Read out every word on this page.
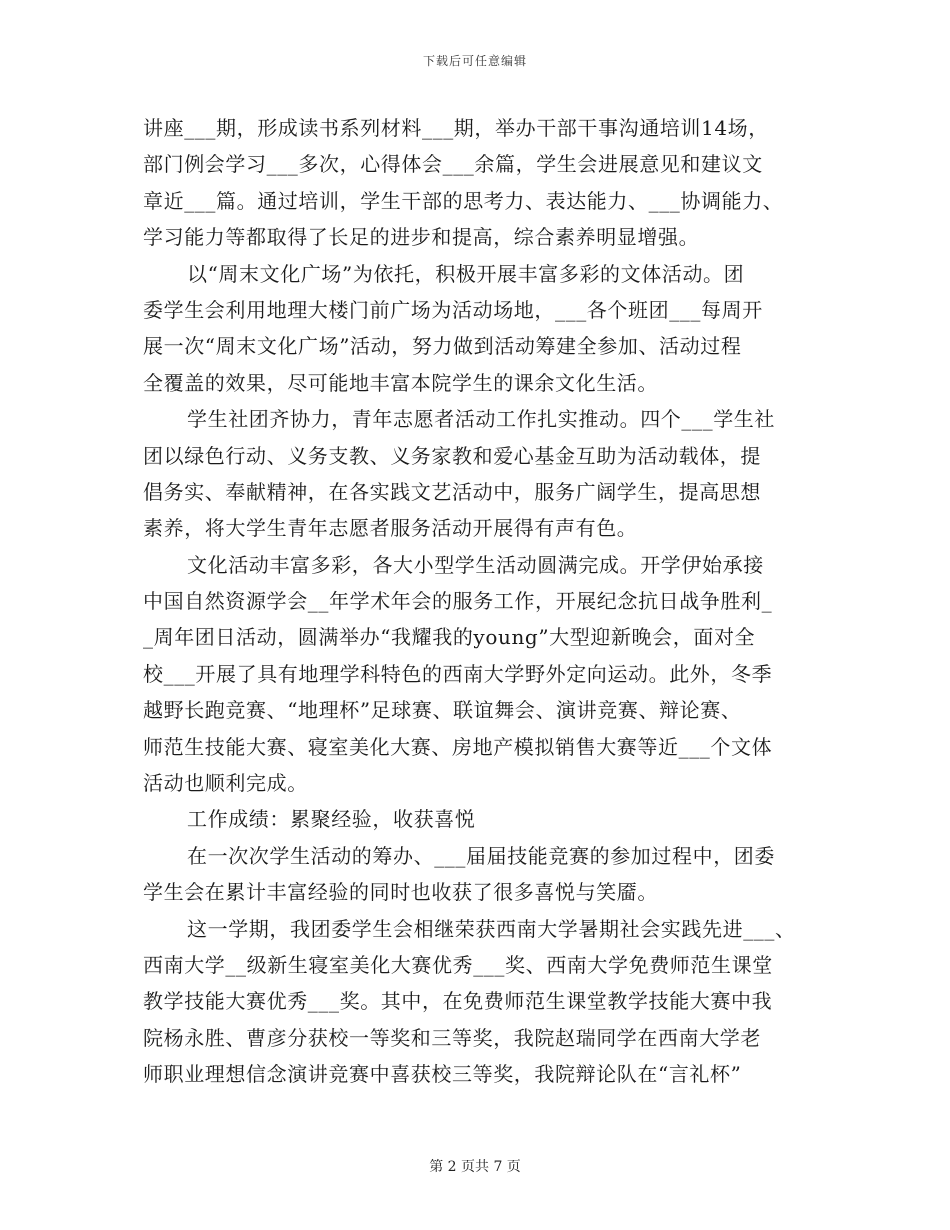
下载后可任意编辑
讲座___期，形成读书系列材料___期，举办干部干事沟通培训14场，
部门例会学习___多次，心得体会___余篇，学生会进展意见和建议文
章近___篇。通过培训，学生干部的思考力、表达能力、___协调能力、
学习能力等都取得了长足的进步和提高，综合素养明显增强。
以“周末文化广场”为依托，积极开展丰富多彩的文体活动。团
委学生会利用地理大楼门前广场为活动场地，___各个班团___每周开
展一次“周末文化广场”活动，努力做到活动筹建全参加、活动过程
全覆盖的效果，尽可能地丰富本院学生的课余文化生活。
学生社团齐协力，青年志愿者活动工作扎实推动。四个___学生社
团以绿色行动、义务支教、义务家教和爱心基金互助为活动载体，提
倡务实、奉献精神，在各实践文艺活动中，服务广阔学生，提高思想
素养，将大学生青年志愿者服务活动开展得有声有色。
文化活动丰富多彩，各大小型学生活动圆满完成。开学伊始承接
中国自然资源学会__年学术年会的服务工作，开展纪念抗日战争胜利_
_周年团日活动，圆满举办“我耀我的young”大型迎新晚会，面对全
校___开展了具有地理学科特色的西南大学野外定向运动。此外，冬季
越野长跑竞赛、“地理杯”足球赛、联谊舞会、演讲竞赛、辩论赛、
师范生技能大赛、寝室美化大赛、房地产模拟销售大赛等近___个文体
活动也顺利完成。
工作成绩：累聚经验，收获喜悦
在一次次学生活动的筹办、___届届技能竞赛的参加过程中，团委
学生会在累计丰富经验的同时也收获了很多喜悦与笑靥。
这一学期，我团委学生会相继荣获西南大学暑期社会实践先进___、
西南大学__级新生寝室美化大赛优秀___奖、西南大学免费师范生课堂
教学技能大赛优秀___奖。其中，在免费师范生课堂教学技能大赛中我
院杨永胜、曹彦分获校一等奖和三等奖，我院赵瑞同学在西南大学老
师职业理想信念演讲竞赛中喜获校三等奖，我院辩论队在“言礼杯”
第 2 页共 7 页
